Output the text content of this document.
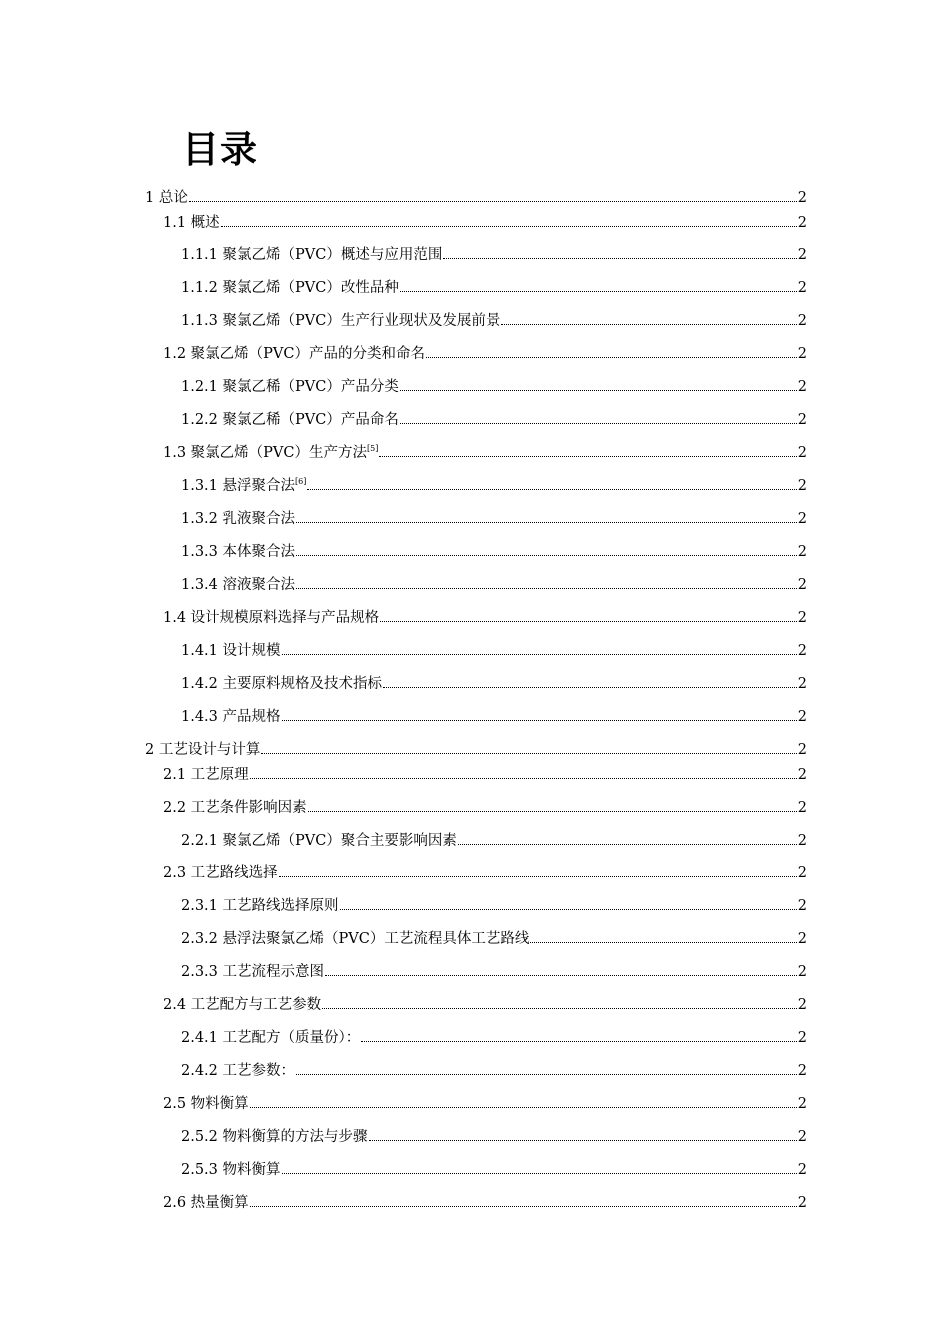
目录
1 总论	2
1.1 概述	2
1.1.1 聚氯乙烯（PVC）概述与应用范围	2
1.1.2 聚氯乙烯（PVC）改性品种	2
1.1.3 聚氯乙烯（PVC）生产行业现状及发展前景	2
1.2 聚氯乙烯（PVC）产品的分类和命名	2
1.2.1 聚氯乙稀（PVC）产品分类	2
1.2.2 聚氯乙稀（PVC）产品命名	2
1.3 聚氯乙烯（PVC）生产方法[5]	2
1.3.1 悬浮聚合法[6]	2
1.3.2 乳液聚合法	2
1.3.3 本体聚合法	2
1.3.4 溶液聚合法	2
1.4 设计规模原料选择与产品规格	2
1.4.1 设计规模	2
1.4.2 主要原料规格及技术指标	2
1.4.3 产品规格	2
2 工艺设计与计算	2
2.1 工艺原理	2
2.2 工艺条件影响因素	2
2.2.1 聚氯乙烯（PVC）聚合主要影响因素	2
2.3 工艺路线选择	2
2.3.1 工艺路线选择原则	2
2.3.2 悬浮法聚氯乙烯（PVC）工艺流程具体工艺路线	2
2.3.3 工艺流程示意图	2
2.4 工艺配方与工艺参数	2
2.4.1 工艺配方（质量份）：	2
2.4.2 工艺参数：	2
2.5 物料衡算	2
2.5.2 物料衡算的方法与步骤	2
2.5.3 物料衡算	2
2.6 热量衡算	2
